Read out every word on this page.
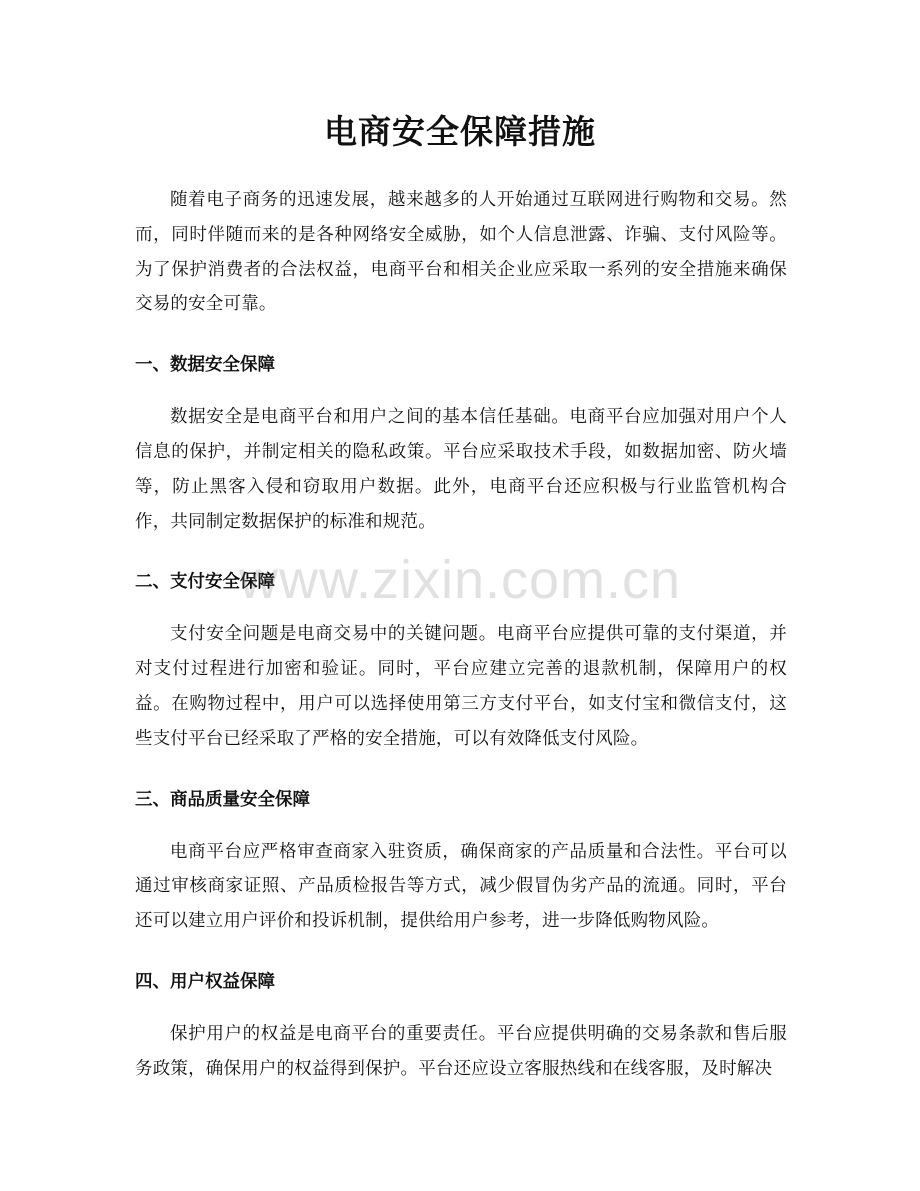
电商安全保障措施

随着电子商务的迅速发展，越来越多的人开始通过互联网进行购物和交易。然而，同时伴随而来的是各种网络安全威胁，如个人信息泄露、诈骗、支付风险等。为了保护消费者的合法权益，电商平台和相关企业应采取一系列的安全措施来确保交易的安全可靠。

一、数据安全保障

数据安全是电商平台和用户之间的基本信任基础。电商平台应加强对用户个人信息的保护，并制定相关的隐私政策。平台应采取技术手段，如数据加密、防火墙等，防止黑客入侵和窃取用户数据。此外，电商平台还应积极与行业监管机构合作，共同制定数据保护的标准和规范。

二、支付安全保障

支付安全问题是电商交易中的关键问题。电商平台应提供可靠的支付渠道，并对支付过程进行加密和验证。同时，平台应建立完善的退款机制，保障用户的权益。在购物过程中，用户可以选择使用第三方支付平台，如支付宝和微信支付，这些支付平台已经采取了严格的安全措施，可以有效降低支付风险。

三、商品质量安全保障

电商平台应严格审查商家入驻资质，确保商家的产品质量和合法性。平台可以通过审核商家证照、产品质检报告等方式，减少假冒伪劣产品的流通。同时，平台还可以建立用户评价和投诉机制，提供给用户参考，进一步降低购物风险。

四、用户权益保障

保护用户的权益是电商平台的重要责任。平台应提供明确的交易条款和售后服务政策，确保用户的权益得到保护。平台还应设立客服热线和在线客服，及时解决

www.zixin.com.cn
